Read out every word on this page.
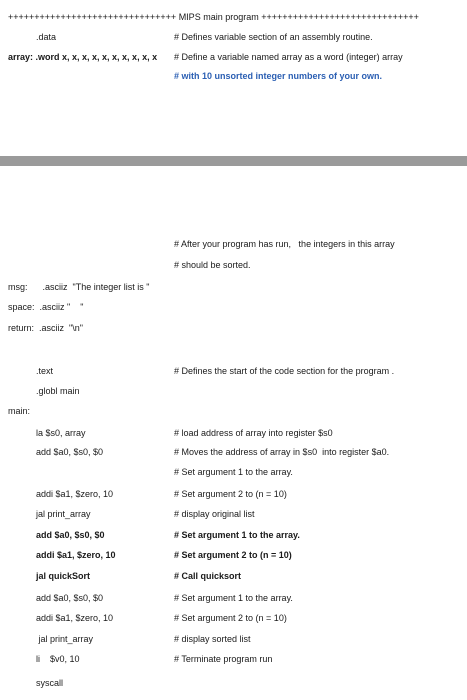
++++++++++++++++++++++++++++++++ MIPS main program ++++++++++++++++++++++++++++++
.data	# Defines variable section of an assembly routine.
array: .word x, x, x, x, x, x, x, x, x, x # Define a variable named array as a word (integer) array
# with 10 unsorted integer numbers of your own.
# After your program has run,   the integers in this array
# should be sorted.
msg:      .asciiz  "The integer list is "
space:  .asciiz "    "
return:  .asciiz  "\n"
.text	# Defines the start of the code section for the program .
.globl main
main:
la $s0, array	# load address of array into register $s0
add $a0, $s0, $0	# Moves the address of array in $s0  into register $a0.
# Set argument 1 to the array.
addi $a1, $zero, 10	# Set argument 2 to (n = 10)
jal print_array	# display original list
add $a0, $s0, $0	# Set argument 1 to the array.
addi $a1, $zero, 10	# Set argument 2 to (n = 10)
jal quickSort	# Call quicksort
add $a0, $s0, $0	# Set argument 1 to the array.
addi $a1, $zero, 10	# Set argument 2 to (n = 10)
jal print_array	# display sorted list
li    $v0, 10	# Terminate program run
syscall
